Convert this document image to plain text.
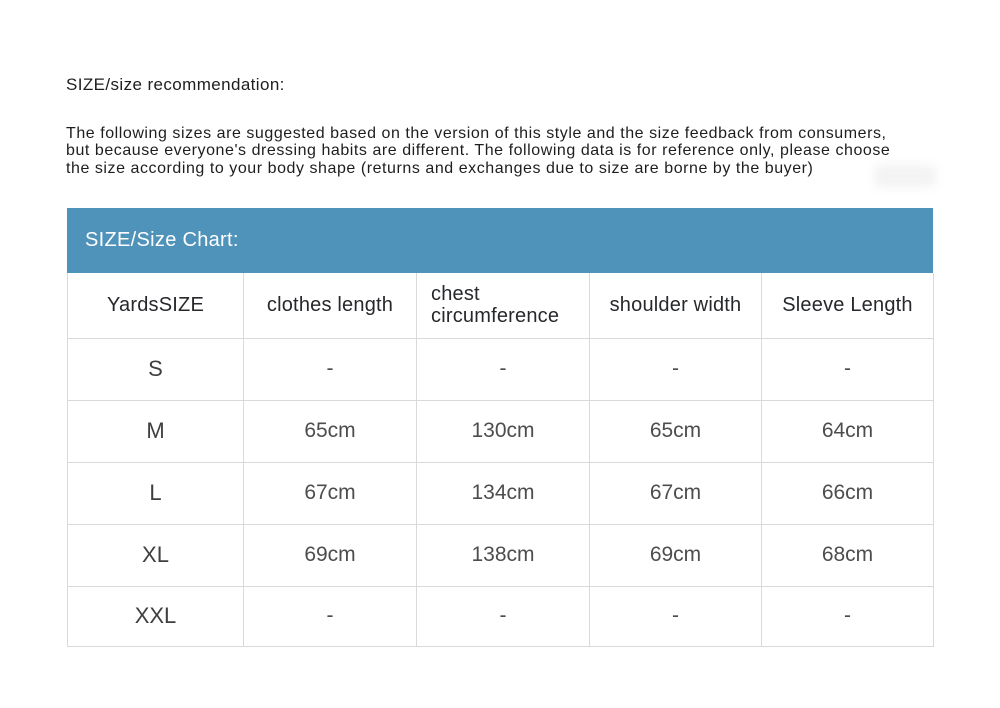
SIZE/size recommendation:
The following sizes are suggested based on the version of this style and the size feedback from consumers,
but because everyone's dressing habits are different. The following data is for reference only, please choose
the size according to your body shape (returns and exchanges due to size are borne by the buyer)
SIZE/Size Chart:
YardsSIZE	clothes length	chest circumference	shoulder width	Sleeve Length
S	-	-	-	-
M	65cm	130cm	65cm	64cm
L	67cm	134cm	67cm	66cm
XL	69cm	138cm	69cm	68cm
XXL	-	-	-	-
